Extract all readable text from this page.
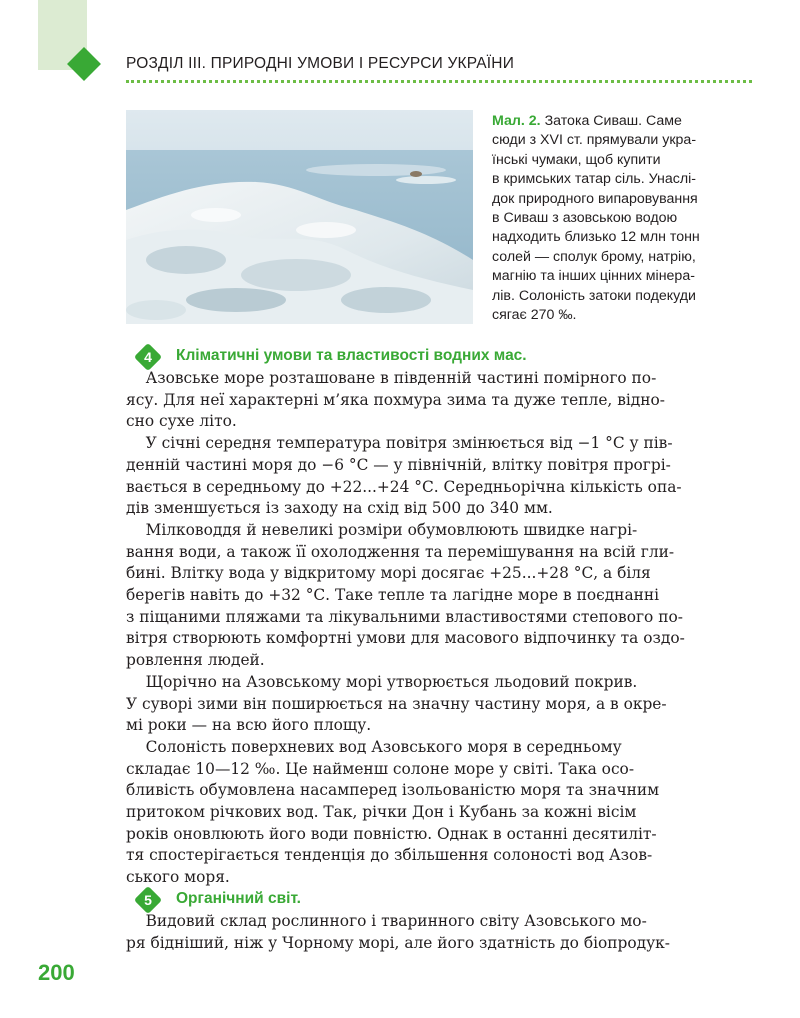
РОЗДІЛ III. ПРИРОДНІ УМОВИ І РЕСУРСИ УКРАЇНИ
Мал. 2. Затока Сиваш. Саме
сюди з XVI ст. прямували укра-
їнські чумаки, щоб купити
в кримських татар сіль. Унаслі-
док природного випаровування
в Сиваш з азовською водою
надходить близько 12 млн тонн
солей — сполук брому, натрію,
магнію та інших цінних мінера-
лів. Солоність затоки подекуди
сягає 270 ‰.
4	Кліматичні умови та властивості водних мас.
Азовське море розташоване в південній частині помірного по-
ясу. Для неї характерні м’яка похмура зима та дуже тепле, відно-
сно сухе літо.
У січні середня температура повітря змінюється від −1 °С у пів-
денній частині моря до −6 °С — у північній, влітку повітря прогрі-
вається в середньому до +22...+24 °С. Середньорічна кількість опа-
дів зменшується із заходу на схід від 500 до 340 мм.
Мілководдя й невеликі розміри обумовлюють швидке нагрі-
вання води, а також її охолодження та перемішування на всій гли-
бині. Влітку вода у відкритому морі досягає +25...+28 °С, а біля
берегів навіть до +32 °С. Таке тепле та лагідне море в поєднанні
з піщаними пляжами та лікувальними властивостями степового по-
вітря створюють комфортні умови для масового відпочинку та оздо-
ровлення людей.
Щорічно на Азовському морі утворюється льодовий покрив.
У суворі зими він поширюється на значну частину моря, а в окре-
мі роки — на всю його площу.
Солоність поверхневих вод Азовського моря в середньому
складає 10—12 ‰. Це найменш солоне море у світі. Така осо-
бливість обумовлена насамперед ізольованістю моря та значним
притоком річкових вод. Так, річки Дон і Кубань за кожні вісім
років оновлюють його води повністю. Однак в останні десятиліт-
тя спостерігається тенденція до збільшення солоності вод Азов-
ського моря.
5	Органічний світ.
Видовий склад рослинного і тваринного світу Азовського мо-
ря бідніший, ніж у Чорному морі, але його здатність до біопродук-
200
